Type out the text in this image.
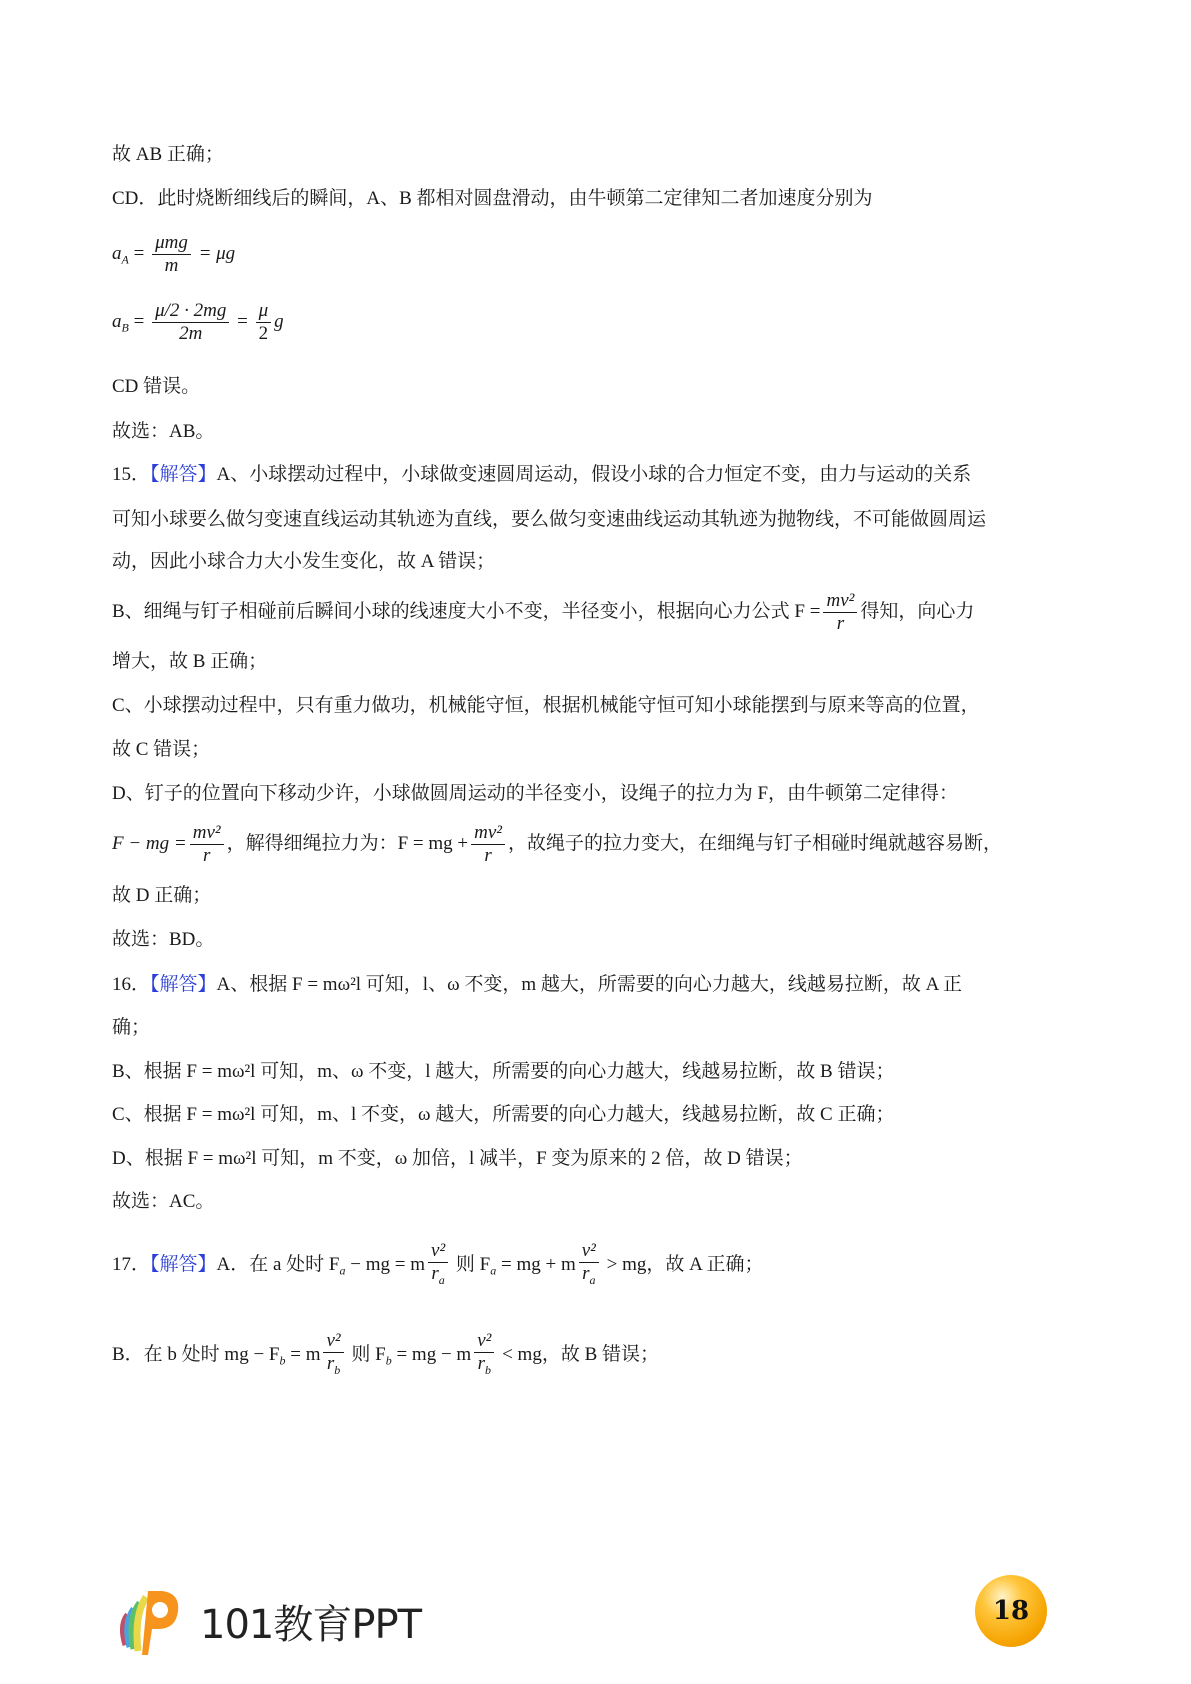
故 AB 正确；
CD．此时烧断细线后的瞬间，A、B 都相对圆盘滑动，由牛顿第二定律知二者加速度分别为
$a_A = \frac{\text{μmg}}{m} = \mu g$
$a_B = \frac{\mu/2 \cdot 2mg}{2m} = \frac{\mu}{2}$ g
CD 错误。
故选：AB。
15．【解答】A、小球摆动过程中，小球做变速圆周运动，假设小球的合力恒定不变，由力与运动的关系
可知小球要么做匀变速直线运动其轨迹为直线，要么做匀变速曲线运动其轨迹为抛物线，不可能做圆周运
动，因此小球合力大小发生变化，故 A 错误；
B、细绳与钉子相碰前后瞬间小球的线速度大小不变，半径变小，根据向心力公式 $F = \frac{\text{mv²}}{r}$ 得知，向心力
增大，故 B 正确；
C、小球摆动过程中，只有重力做功，机械能守恒，根据机械能守恒可知小球能摆到与原来等高的位置，
故 C 错误；
D、钉子的位置向下移动少许，小球做圆周运动的半径变小，设绳子的拉力为 F，由牛顿第二定律得：
F − mg = $\frac{\text{mv²}}{r}$ ，解得细绳拉力为：F = mg + $\frac{\text{mv²}}{r}$ ，故绳子的拉力变大，在细绳与钉子相碰时绳就越容易断，
故 D 正确；
故选：BD。
16．【解答】A、根据 F = mω²l 可知，l、ω 不变，m 越大，所需要的向心力越大，线越易拉断，故 A 正
确；
B、根据 F = mω²l 可知，m、ω 不变，l 越大，所需要的向心力越大，线越易拉断，故 B 错误；
C、根据 F = mω²l 可知，m、l 不变，ω 越大，所需要的向心力越大，线越易拉断，故 C 正确；
D、根据 F = mω²l 可知，m 不变，ω 加倍，l 减半，F 变为原来的 2 倍，故 D 错误；
故选：AC。
17．【解答】A．在 a 处时 $F_a$ − mg = m $\frac{\text{v²}}{r_a}$ 则 $F_a$ = mg + m $\frac{\text{v²}}{r_a}$ > mg，故 A 正确；
B．在 b 处时 mg − $F_b = m \frac{\text{v²}}{r_b}$ 则 $F_b$ = mg − m $\frac{\text{v²}}{r_b}$ < mg，故 B 错误；
101教育PPT	18
